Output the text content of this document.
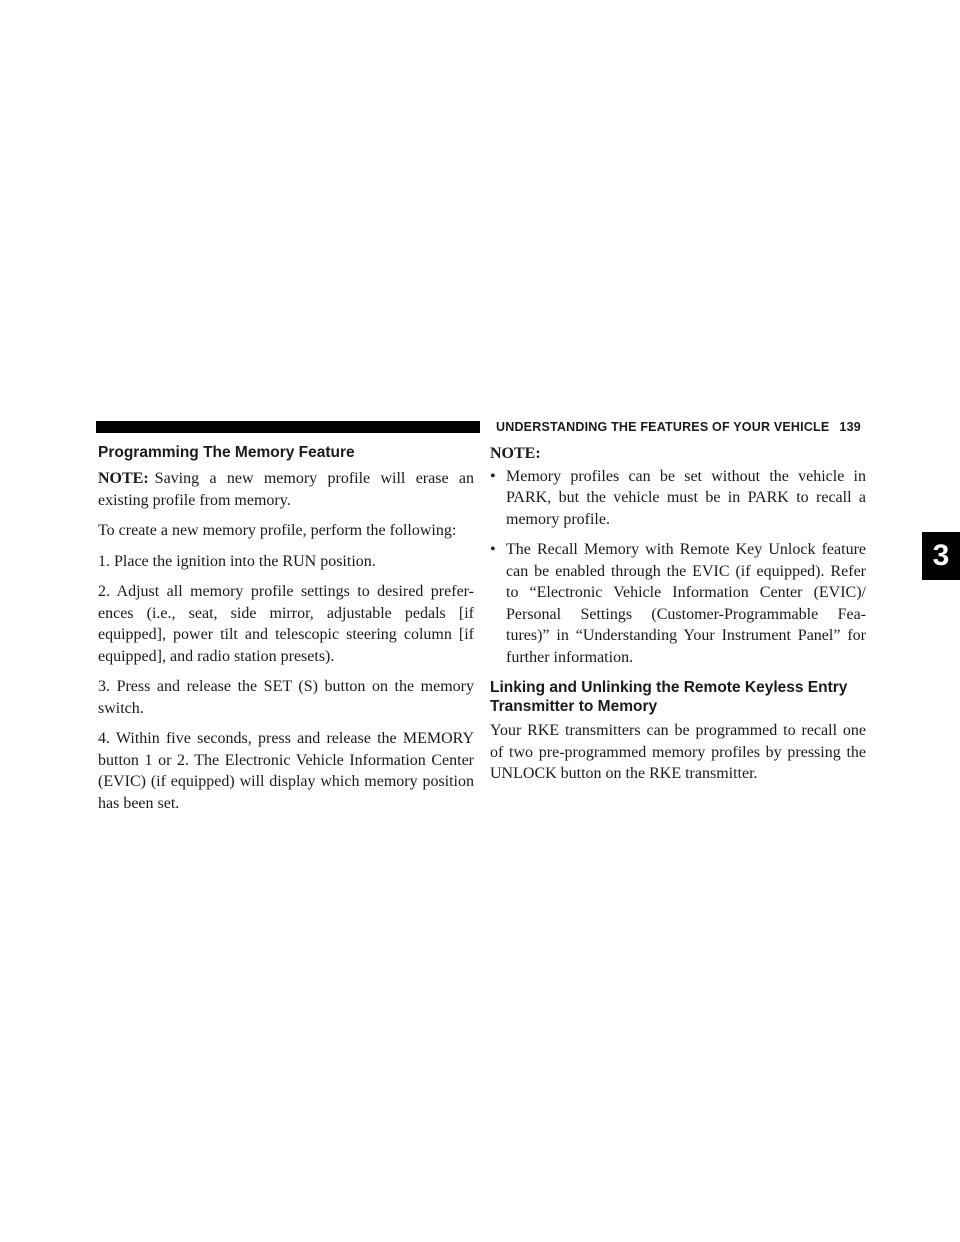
UNDERSTANDING THE FEATURES OF YOUR VEHICLE 139
3
Programming The Memory Feature

NOTE: Saving a new memory profile will erase an existing profile from memory.

To create a new memory profile, perform the following:

1. Place the ignition into the RUN position.

2. Adjust all memory profile settings to desired prefer- ences (i.e., seat, side mirror, adjustable pedals [if equipped], power tilt and telescopic steering column [if equipped], and radio station presets).

3. Press and release the SET (S) button on the memory switch.

4. Within five seconds, press and release the MEMORY button 1 or 2. The Electronic Vehicle Information Center (EVIC) (if equipped) will display which memory position has been set.

NOTE:
• Memory profiles can be set without the vehicle in PARK, but the vehicle must be in PARK to recall a memory profile.
• The Recall Memory with Remote Key Unlock feature can be enabled through the EVIC (if equipped). Refer to “Electronic Vehicle Information Center (EVIC)/ Personal Settings (Customer-Programmable Fea- tures)” in “Understanding Your Instrument Panel” for further information.
Linking and Unlinking the Remote Keyless Entry Transmitter to Memory

Your RKE transmitters can be programmed to recall one of two pre-programmed memory profiles by pressing the UNLOCK button on the RKE transmitter.
